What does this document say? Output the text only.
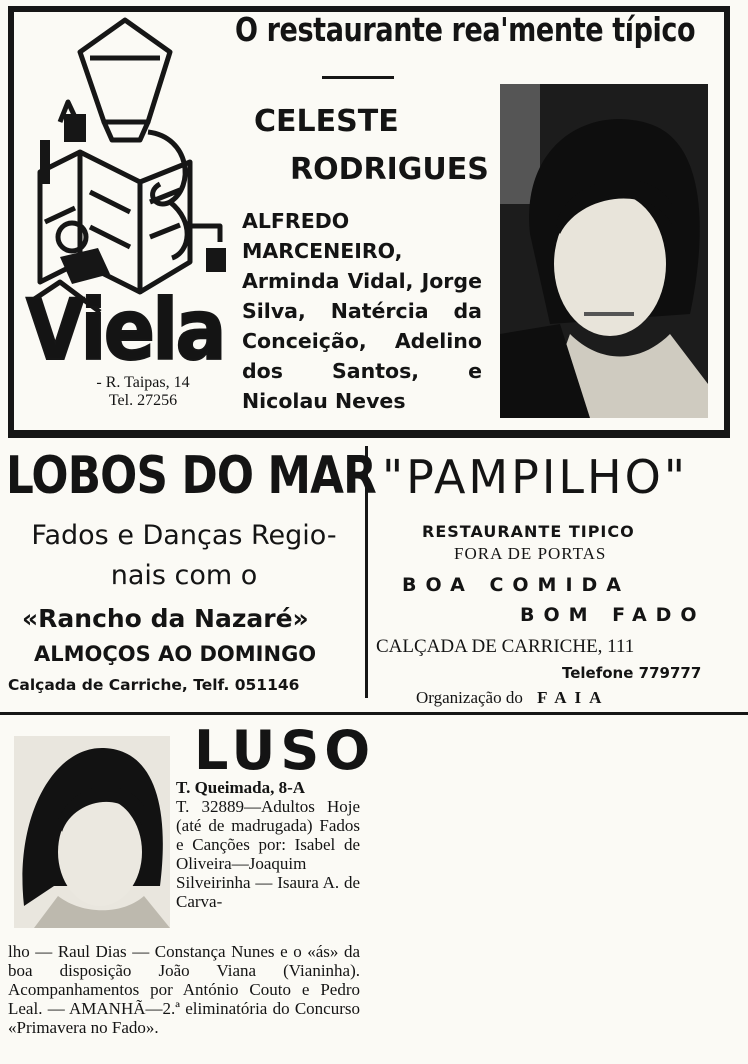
Viela
O restaurante rea'mente típico
CELESTE
RODRIGUES
ALFREDO MARCENEIRO, Arminda Vidal, Jorge Silva, Natércia da Conceição, Adelino dos Santos, e Nicolau Neves
- R. Taipas, 14
Tel. 27256
LOBOS DO MAR
Fados e Danças Regio-
nais com o
«Rancho da Nazaré»
ALMOÇOS AO DOMINGO
Calçada de Carriche, Telf. 051146
"PAMPILHO"
RESTAURANTE TIPICO
FORA DE PORTAS
BOA COMIDA
BOM FADO
CALÇADA DE CARRICHE, 111
Telefone 779777
Organização do FAIA
LUSO
T. Queimada, 8-A
T. 32889—Adultos Hoje (até de madrugada) Fados e Canções por: Isabel de Oliveira—Joaquim Silveirinha — Isaura A. de Carva-
lho — Raul Dias — Constança Nunes e o «ás» da boa disposição João Viana (Vianinha). Acompanhamentos por António Couto e Pedro Leal. — AMANHÃ—2.ª eliminatória do Concurso «Primavera no Fado».
